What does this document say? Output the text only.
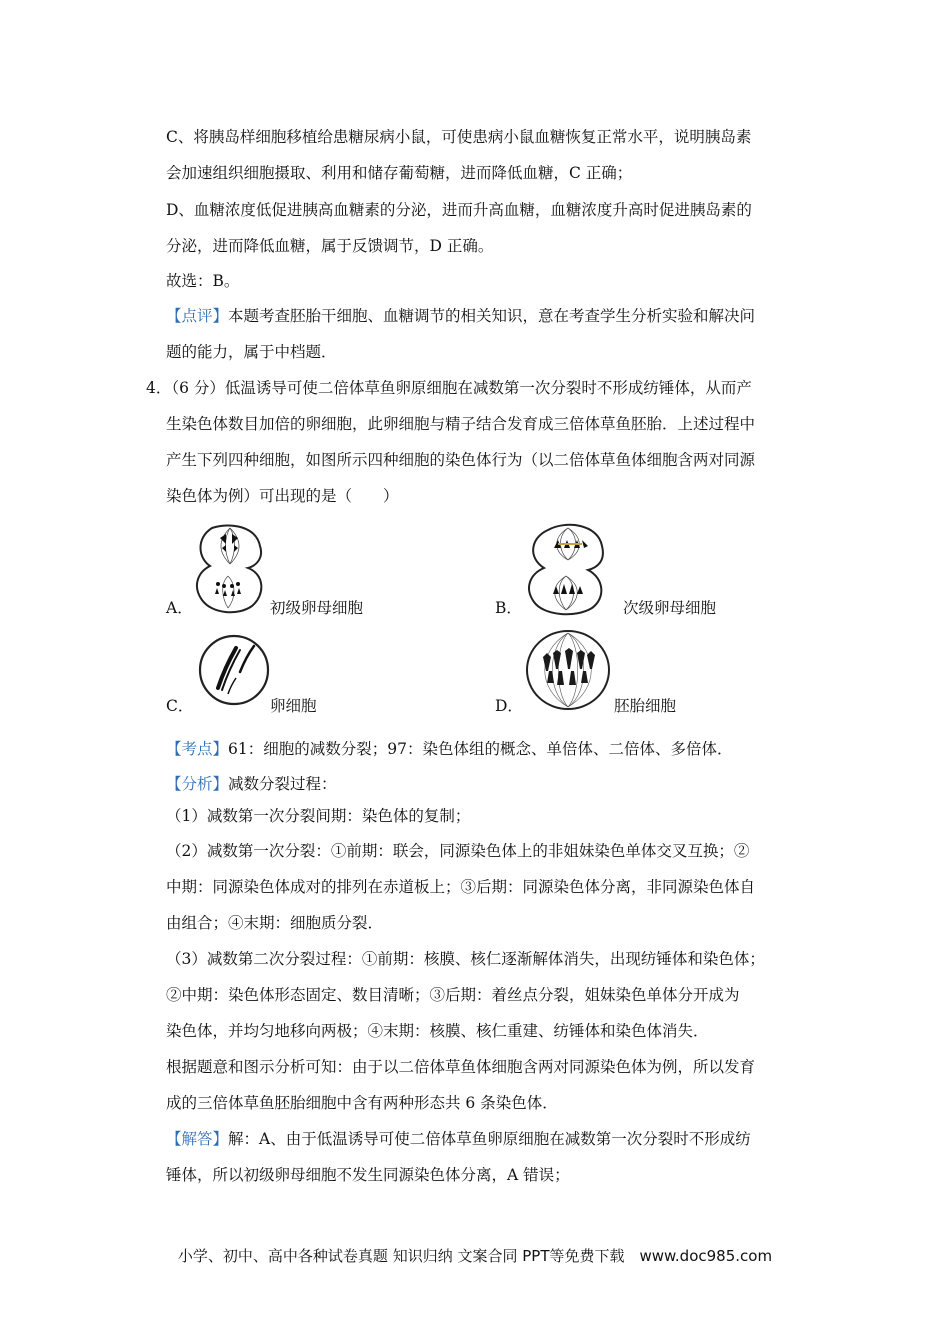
C、将胰岛样细胞移植给患糖尿病小鼠，可使患病小鼠血糖恢复正常水平，说明胰岛素
会加速组织细胞摄取、利用和储存葡萄糖，进而降低血糖，C 正确；
D、血糖浓度低促进胰高血糖素的分泌，进而升高血糖，血糖浓度升高时促进胰岛素的
分泌，进而降低血糖，属于反馈调节，D 正确。
故选：B。
【点评】本题考查胚胎干细胞、血糖调节的相关知识，意在考查学生分析实验和解决问
题的能力，属于中档题．
4．（6 分）低温诱导可使二倍体草鱼卵原细胞在减数第一次分裂时不形成纺锤体，从而产
生染色体数目加倍的卵细胞，此卵细胞与精子结合发育成三倍体草鱼胚胎．上述过程中
产生下列四种细胞，如图所示四种细胞的染色体行为（以二倍体草鱼体细胞含两对同源
染色体为例）可出现的是（　　）
A．	初级卵母细胞	B．	次级卵母细胞
C．	卵细胞	D．	胚胎细胞
【考点】61：细胞的减数分裂；97：染色体组的概念、单倍体、二倍体、多倍体．
【分析】减数分裂过程：
（1）减数第一次分裂间期：染色体的复制；
（2）减数第一次分裂：①前期：联会，同源染色体上的非姐妹染色单体交叉互换；②
中期：同源染色体成对的排列在赤道板上；③后期：同源染色体分离，非同源染色体自
由组合；④末期：细胞质分裂．
（3）减数第二次分裂过程：①前期：核膜、核仁逐渐解体消失，出现纺锤体和染色体；
②中期：染色体形态固定、数目清晰；③后期：着丝点分裂，姐妹染色单体分开成为
染色体，并均匀地移向两极；④末期：核膜、核仁重建、纺锤体和染色体消失．
根据题意和图示分析可知：由于以二倍体草鱼体细胞含两对同源染色体为例，所以发育
成的三倍体草鱼胚胎细胞中含有两种形态共 6 条染色体．
【解答】解：A、由于低温诱导可使二倍体草鱼卵原细胞在减数第一次分裂时不形成纺
锤体，所以初级卵母细胞不发生同源染色体分离，A 错误；
小学、初中、高中各种试卷真题 知识归纳 文案合同 PPT等免费下载　www.doc985.com
